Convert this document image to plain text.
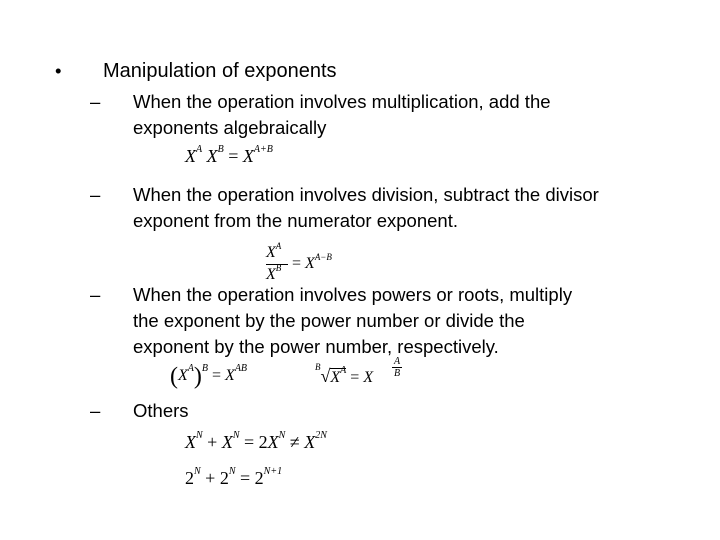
• Manipulation of exponents
– When the operation involves multiplication, add the
exponents algebraically
$X^A$ $X^B = X^{A+B}$
– When the operation involves division, subtract the divisor
exponent from the numerator exponent.
$X^A$
$X^B = X^{A-B}$
– When the operation involves powers or roots, multiply
the exponent by the power number or divide the
exponent by the power number, respectively.
$(X^A)^B = X^{AB}$	$^B√X^A = X \frac{A}{B}$
– Others
$X^N + X^N = 2X^N \ne X^{2N}$
$2^N + 2^N = 2^{N+1}$
